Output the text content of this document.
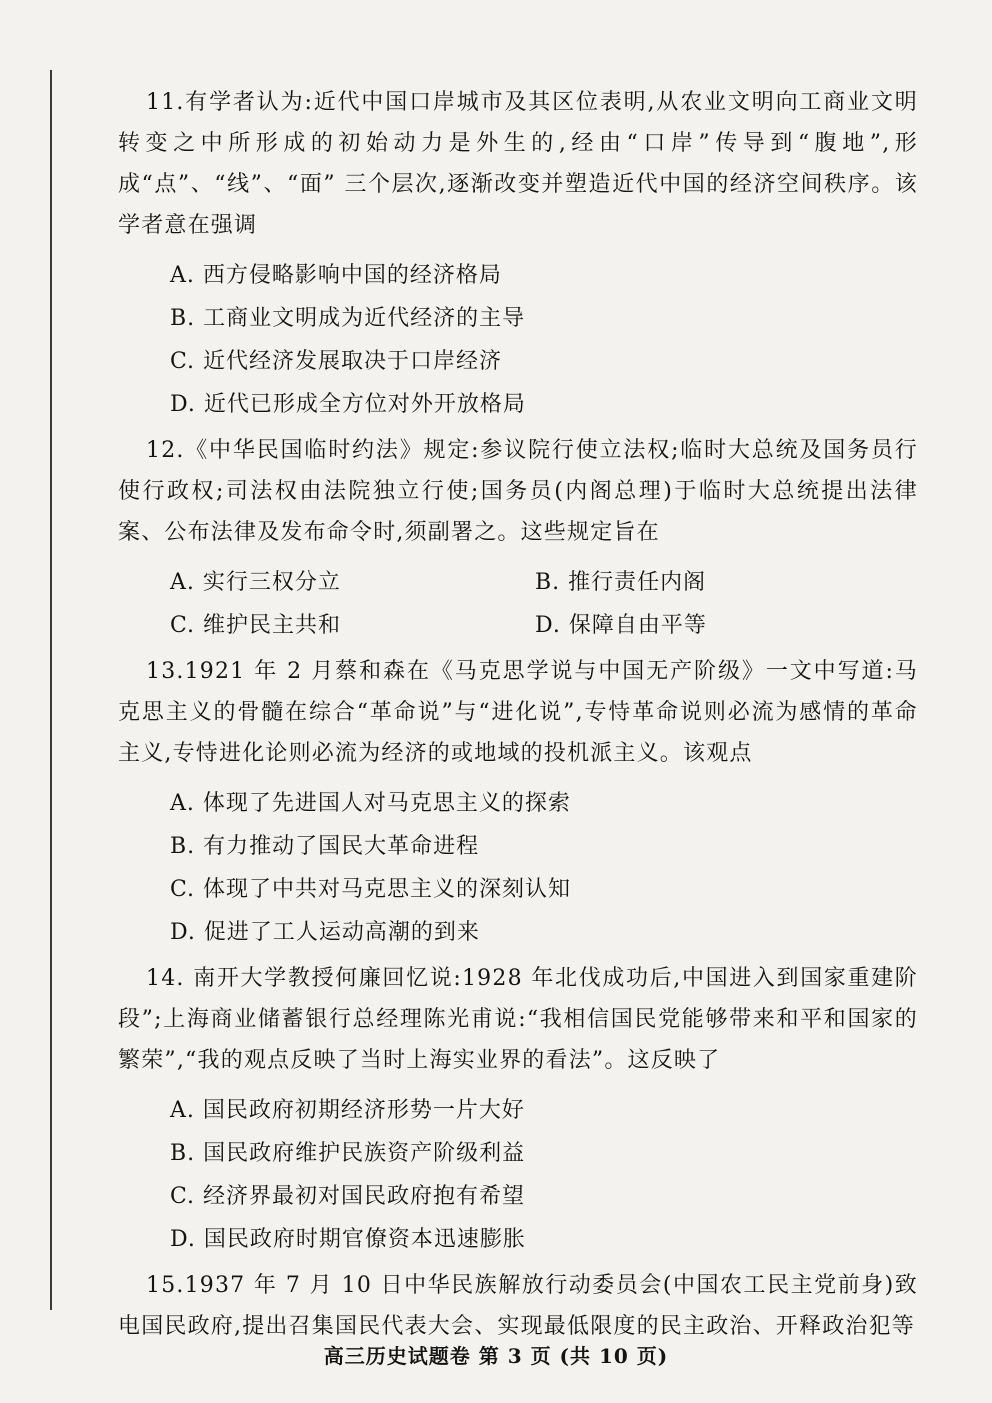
11.有学者认为:近代中国口岸城市及其区位表明,从农业文明向工商业文明转变之中所形成的初始动力是外生的,经由“口岸”传导到“腹地”,形成“点”、“线”、“面” 三个层次,逐渐改变并塑造近代中国的经济空间秩序。该学者意在强调

A. 西方侵略影响中国的经济格局
B. 工商业文明成为近代经济的主导
C. 近代经济发展取决于口岸经济
D. 近代已形成全方位对外开放格局

12.《中华民国临时约法》规定:参议院行使立法权;临时大总统及国务员行使行政权;司法权由法院独立行使;国务员(内阁总理)于临时大总统提出法律案、公布法律及发布命令时,须副署之。这些规定旨在

A. 实行三权分立	B. 推行责任内阁
C. 维护民主共和	D. 保障自由平等

13.1921 年 2 月蔡和森在《马克思学说与中国无产阶级》一文中写道:马克思主义的骨髓在综合“革命说”与“进化说”,专恃革命说则必流为感情的革命主义,专恃进化论则必流为经济的或地域的投机派主义。该观点

A. 体现了先进国人对马克思主义的探索
B. 有力推动了国民大革命进程
C. 体现了中共对马克思主义的深刻认知
D. 促进了工人运动高潮的到来

14. 南开大学教授何廉回忆说:1928 年北伐成功后,中国进入到国家重建阶段”;上海商业储蓄银行总经理陈光甫说:“我相信国民党能够带来和平和国家的繁荣”,“我的观点反映了当时上海实业界的看法”。这反映了

A. 国民政府初期经济形势一片大好
B. 国民政府维护民族资产阶级利益
C. 经济界最初对国民政府抱有希望
D. 国民政府时期官僚资本迅速膨胀

15.1937 年 7 月 10 日中华民族解放行动委员会(中国农工民主党前身)致电国民政府,提出召集国民代表大会、实现最低限度的民主政治、开释政治犯等

高三历史试题卷 第 3 页 (共 10 页)
